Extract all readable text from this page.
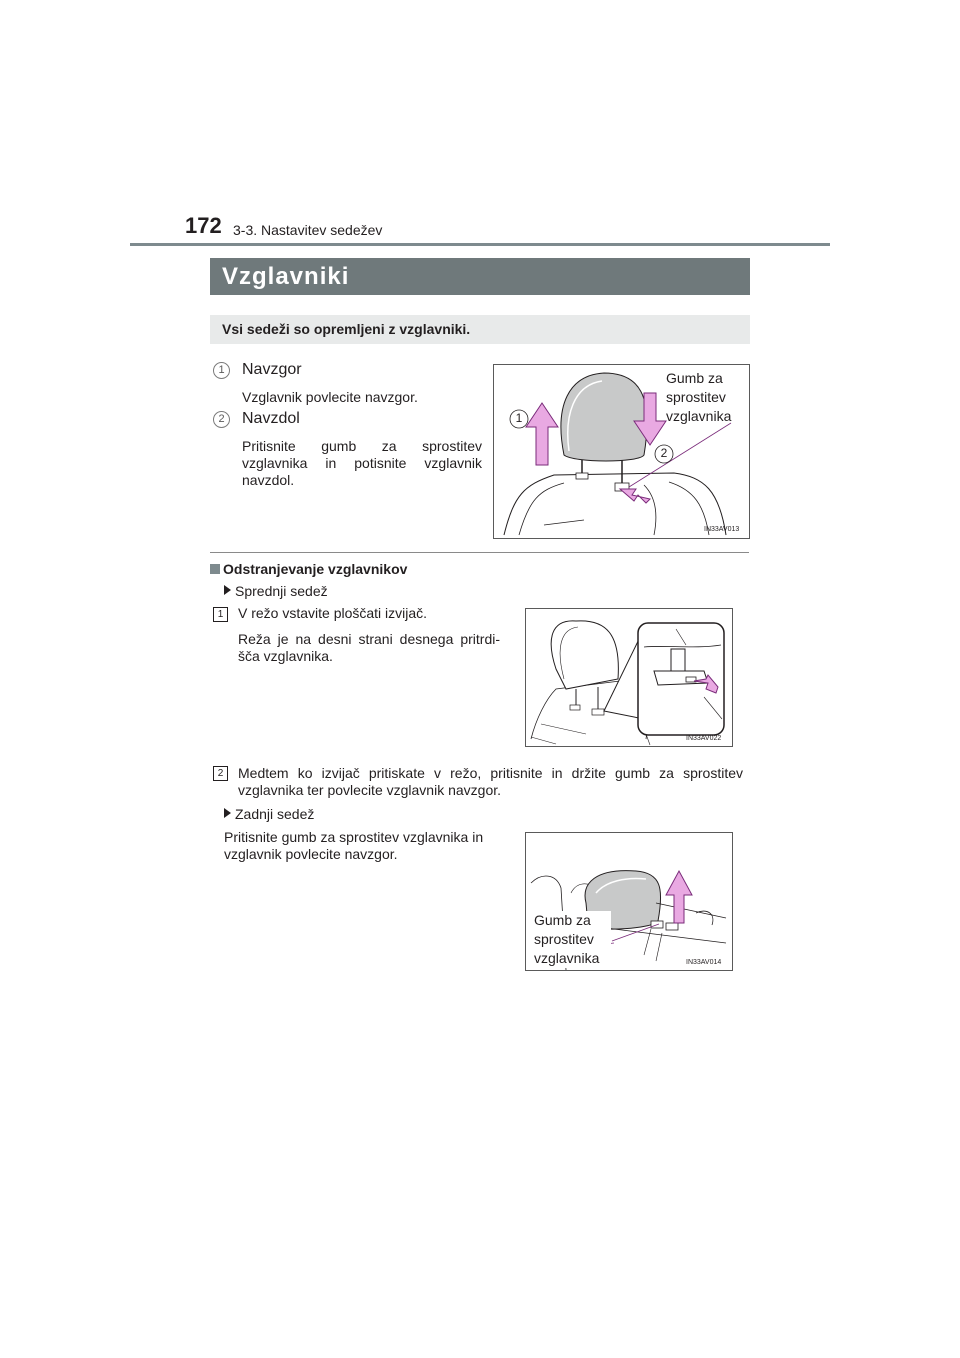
172 3-3. Nastavitev sedežev
Vzglavniki
Vsi sedeži so opremljeni z vzglavniki.
1	Navzgor
Vzglavnik povlecite navzgor.
2	Navzdol
Pritisnite gumb za sprostitev vzglavnika in potisnite vzglavnik navzdol.
1
2
Gumb za
sprostitev
vzglavnika
IN33AV013
Odstranjevanje vzglavnikov
Sprednji sedež
1	V režo vstavite ploščati izvijač.
Reža je na desni strani desnega pritrdi-šča vzglavnika.
IN33AV022
2	Medtem ko izvijač pritiskate v režo, pritisnite in držite gumb za sprostitev vzglavnika ter povlecite vzglavnik navzgor.
Zadnji sedež
Pritisnite gumb za sprostitev vzglavnika in vzglavnik povlecite navzgor.
Gumb za
sprostitev
vzglavnika	IN33AV014
